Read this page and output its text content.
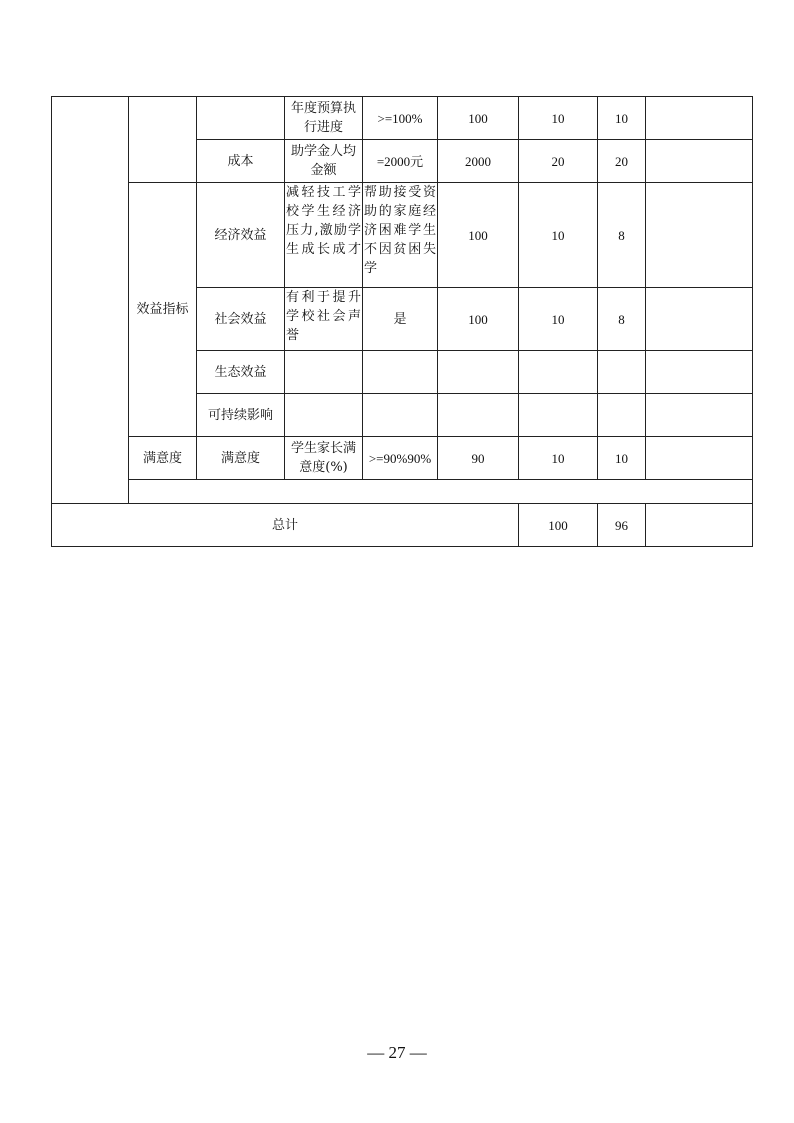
			年度预算执行进度	>=100%	100	10	10	
		成本	助学金人均金额	=2000元	2000	20	20	
	效益指标	经济效益	减轻技工学校学生经济压力,激励学生成长成才	帮助接受资助的家庭经济困难学生不因贫困失学	100	10	8	
		社会效益	有利于提升学校社会声誉	是	100	10	8	
		生态效益						
		可持续影响						
	满意度	满意度	学生家长满意度(%)	>=90%90%	90	10	10	

总计						100	96	
— 27 —
